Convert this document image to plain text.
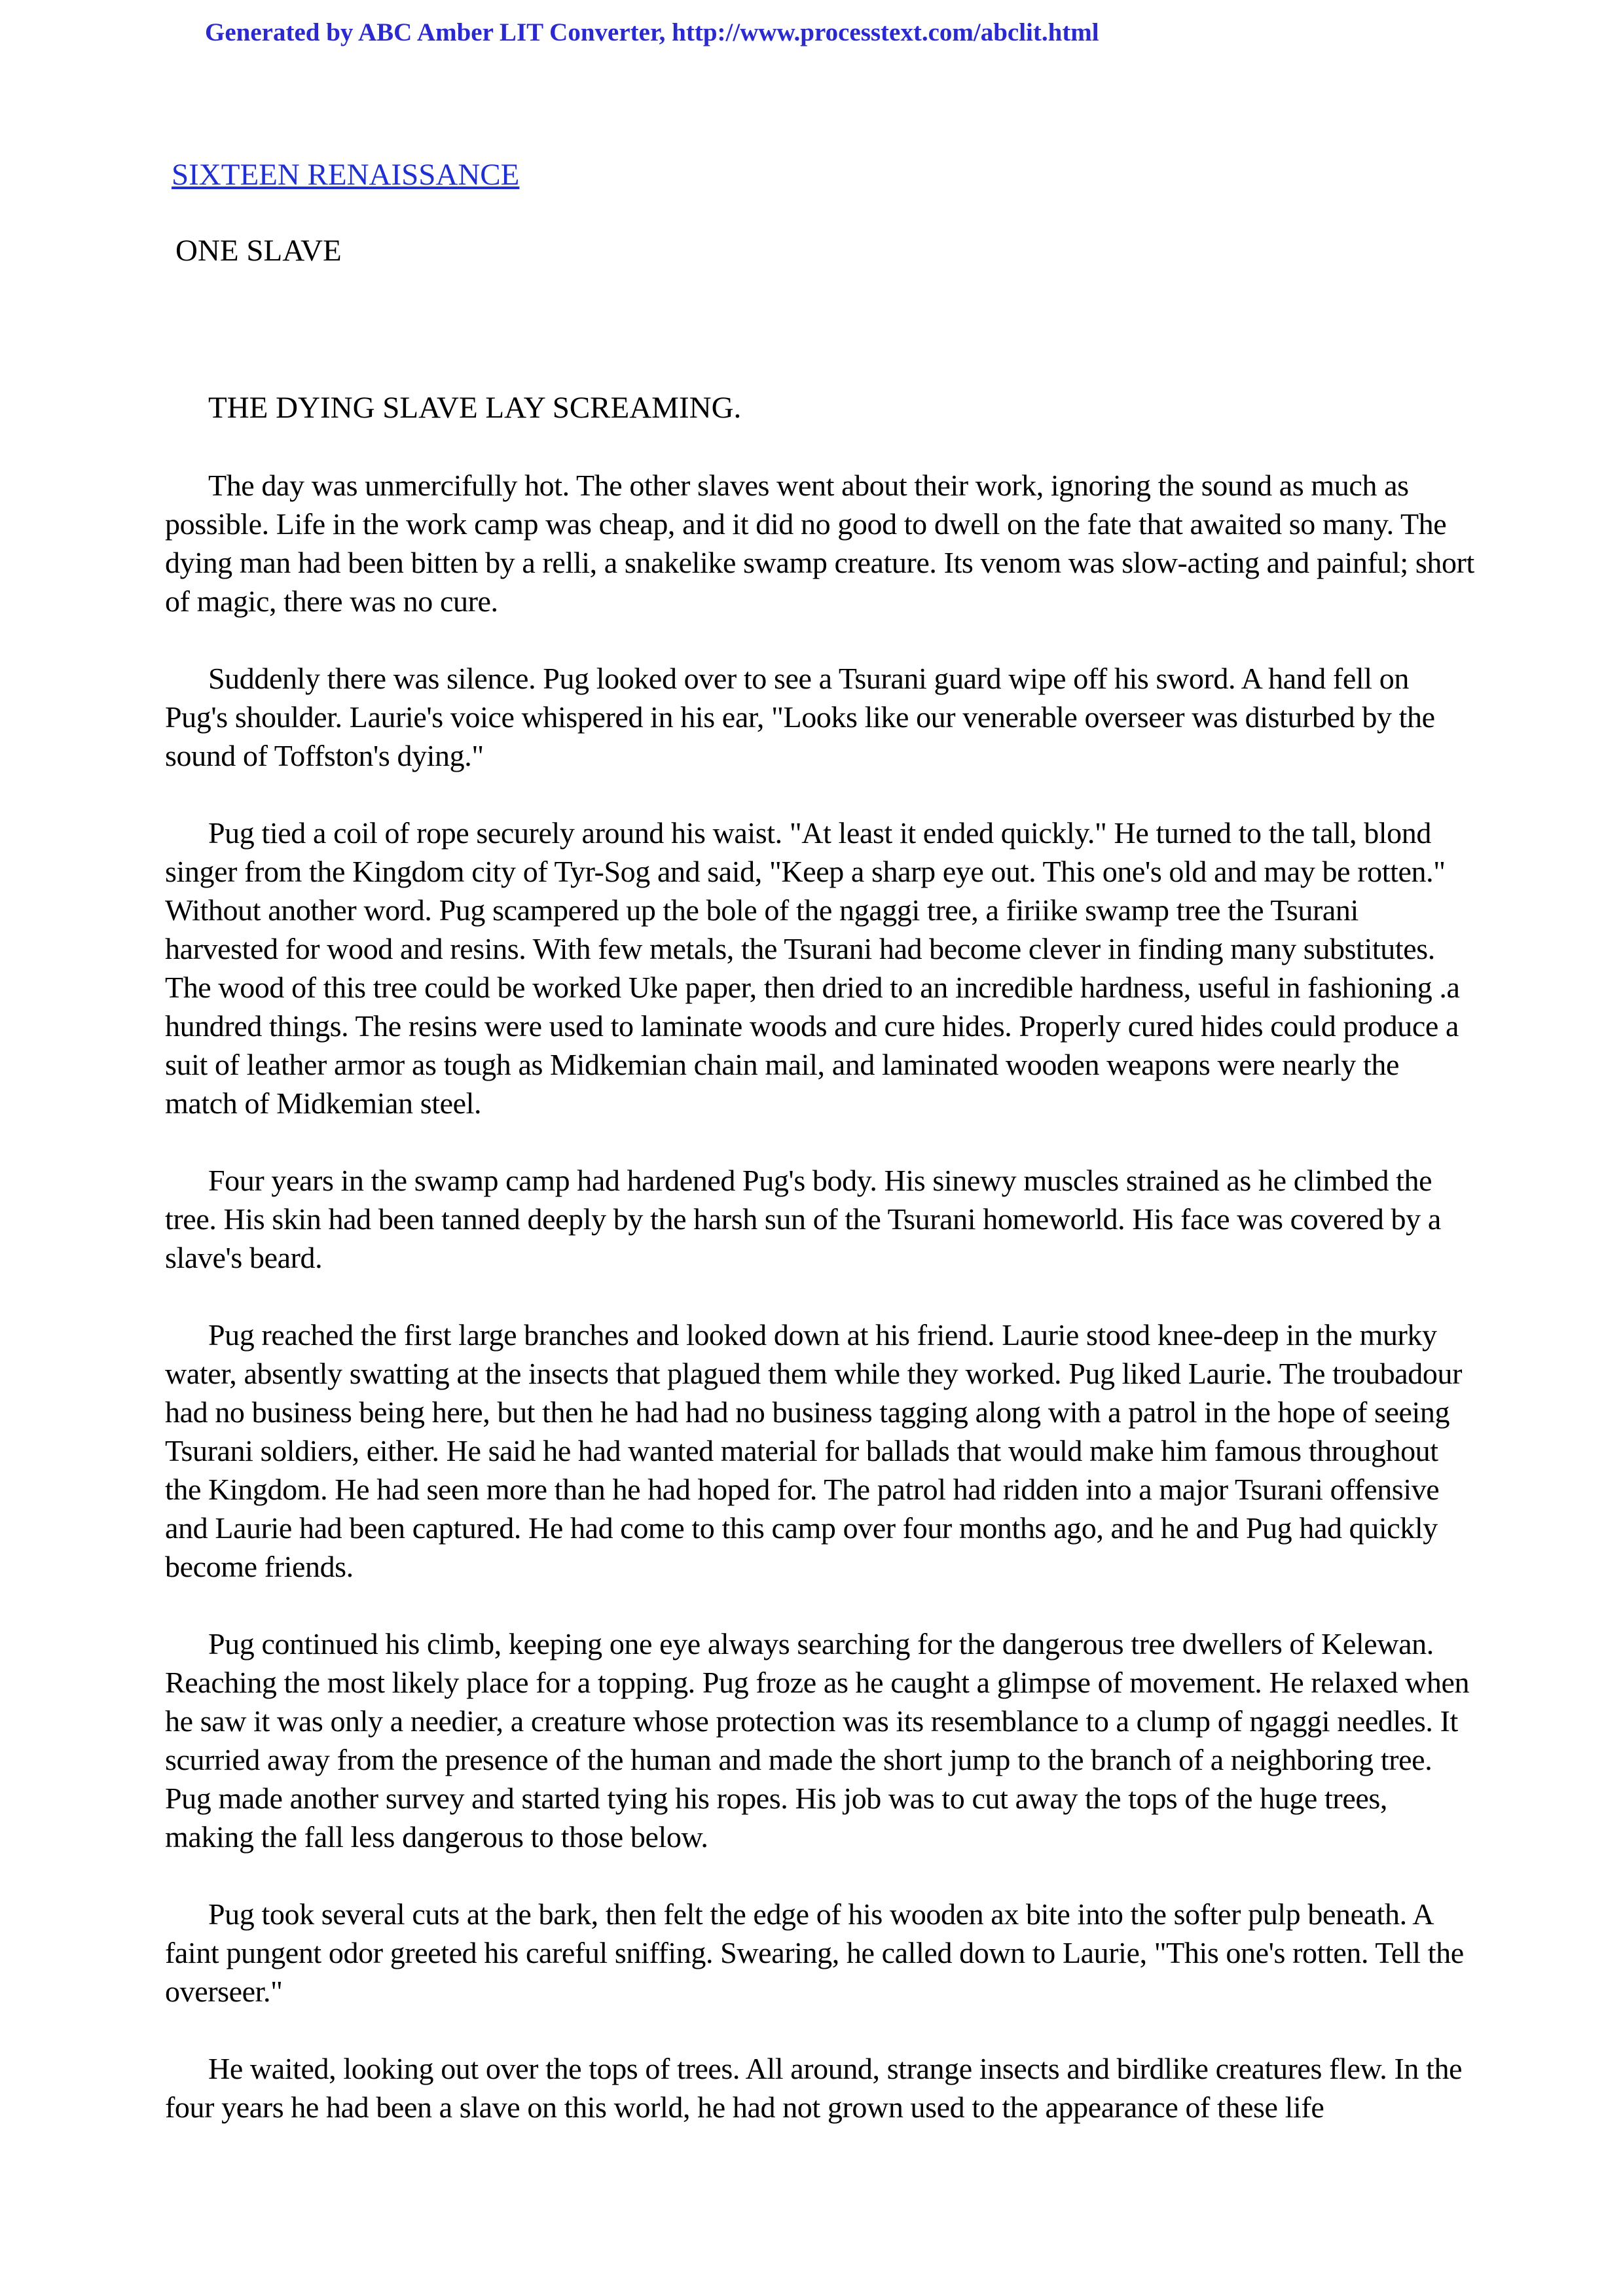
Generated by ABC Amber LIT Converter, http://www.processtext.com/abclit.html
SIXTEEN RENAISSANCE
ONE SLAVE
THE DYING SLAVE LAY SCREAMING.

The day was unmercifully hot. The other slaves went about their work, ignoring the sound as much as possible. Life in the work camp was cheap, and it did no good to dwell on the fate that awaited so many. The dying man had been bitten by a relli, a snakelike swamp creature. Its venom was slow-acting and painful; short of magic, there was no cure.

Suddenly there was silence. Pug looked over to see a Tsurani guard wipe off his sword. A hand fell on Pug's shoulder. Laurie's voice whispered in his ear, "Looks like our venerable overseer was disturbed by the sound of Toffston's dying."

Pug tied a coil of rope securely around his waist. "At least it ended quickly." He turned to the tall, blond singer from the Kingdom city of Tyr-Sog and said, "Keep a sharp eye out. This one's old and may be rotten." Without another word. Pug scampered up the bole of the ngaggi tree, a firiike swamp tree the Tsurani harvested for wood and resins. With few metals, the Tsurani had become clever in finding many substitutes. The wood of this tree could be worked Uke paper, then dried to an incredible hardness, useful in fashioning .a hundred things. The resins were used to laminate woods and cure hides. Properly cured hides could produce a suit of leather armor as tough as Midkemian chain mail, and laminated wooden weapons were nearly the match of Midkemian steel.

Four years in the swamp camp had hardened Pug's body. His sinewy muscles strained as he climbed the tree. His skin had been tanned deeply by the harsh sun of the Tsurani homeworld. His face was covered by a slave's beard.

Pug reached the first large branches and looked down at his friend. Laurie stood knee-deep in the murky water, absently swatting at the insects that plagued them while they worked. Pug liked Laurie. The troubadour had no business being here, but then he had had no business tagging along with a patrol in the hope of seeing Tsurani soldiers, either. He said he had wanted material for ballads that would make him famous throughout the Kingdom. He had seen more than he had hoped for. The patrol had ridden into a major Tsurani offensive and Laurie had been captured. He had come to this camp over four months ago, and he and Pug had quickly become friends.

Pug continued his climb, keeping one eye always searching for the dangerous tree dwellers of Kelewan. Reaching the most likely place for a topping. Pug froze as he caught a glimpse of movement. He relaxed when he saw it was only a needier, a creature whose protection was its resemblance to a clump of ngaggi needles. It scurried away from the presence of the human and made the short jump to the branch of a neighboring tree. Pug made another survey and started tying his ropes. His job was to cut away the tops of the huge trees, making the fall less dangerous to those below.

Pug took several cuts at the bark, then felt the edge of his wooden ax bite into the softer pulp beneath. A faint pungent odor greeted his careful sniffing. Swearing, he called down to Laurie, "This one's rotten. Tell the overseer."

He waited, looking out over the tops of trees. All around, strange insects and birdlike creatures flew. In the four years he had been a slave on this world, he had not grown used to the appearance of these life
